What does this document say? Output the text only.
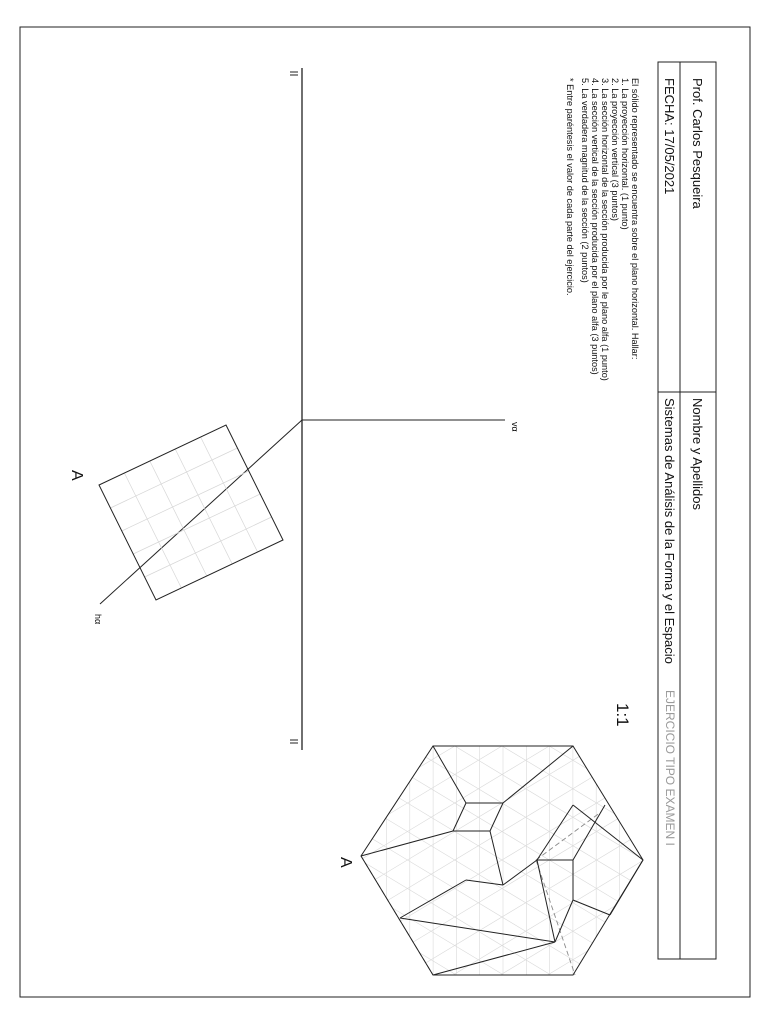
Prof. Carlos Pesqueira
FECHA: 17/05/2021
Nombre y Apellidos
Sistemas de Análisis de la Forma y el Espacio
EJERCICIO TIPO EXAMEN I
El sólido representado se encuentra sobre el plano horizontal. Hallar:
1. La proyección horizontal. (1 punto)
2. La proyección vertical (3 puntos)
3. La sección horizontal de la sección producida por le plano alfa (1 punto)
4. La sección vertical de la sección producida por el plano alfa (3 puntos)
5. La verdadera magnitud de la sección (2 puntos)
* Entre paréntesis el valor de cada parte del ejercicio.
vα
hα
A
A
1:1
